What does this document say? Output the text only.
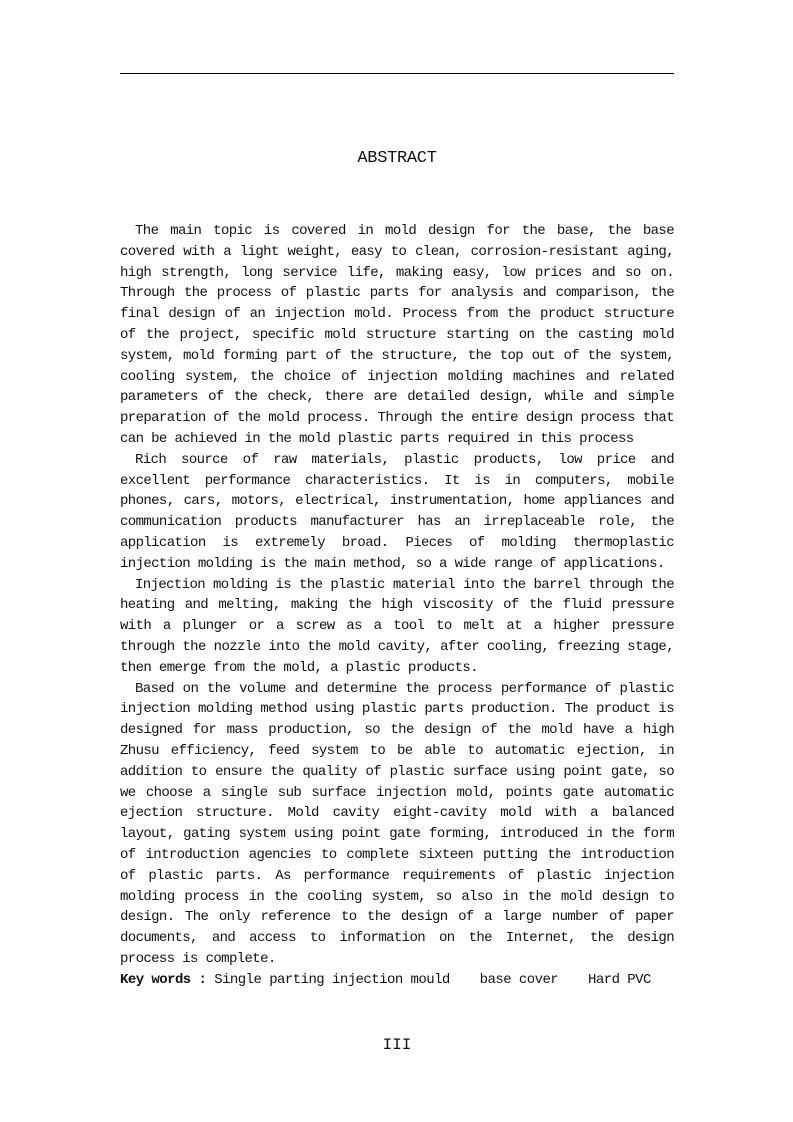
ABSTRACT

The main topic is covered in mold design for the base, the base covered with a light weight, easy to clean, corrosion-resistant aging, high strength, long service life, making easy, low prices and so on. Through the process of plastic parts for analysis and comparison, the final design of an injection mold. Process from the product structure of the project, specific mold structure starting on the casting mold system, mold forming part of the structure, the top out of the system, cooling system, the choice of injection molding machines and related parameters of the check, there are detailed design, while and simple preparation of the mold process. Through the entire design process that can be achieved in the mold plastic parts required in this process

Rich source of raw materials, plastic products, low price and excellent performance characteristics. It is in computers, mobile phones, cars, motors, electrical, instrumentation, home appliances and communication products manufacturer has an irreplaceable role, the application is extremely broad. Pieces of molding thermoplastic injection molding is the main method, so a wide range of applications.

Injection molding is the plastic material into the barrel through the heating and melting, making the high viscosity of the fluid pressure with a plunger or a screw as a tool to melt at a higher pressure through the nozzle into the mold cavity, after cooling, freezing stage, then emerge from the mold, a plastic products.

Based on the volume and determine the process performance of plastic injection molding method using plastic parts production. The product is designed for mass production, so the design of the mold have a high Zhusu efficiency, feed system to be able to automatic ejection, in addition to ensure the quality of plastic surface using point gate, so we choose a single sub surface injection mold, points gate automatic ejection structure. Mold cavity eight-cavity mold with a balanced layout, gating system using point gate forming, introduced in the form of introduction agencies to complete sixteen putting the introduction of plastic parts. As performance requirements of plastic injection molding process in the cooling system, so also in the mold design to design. The only reference to the design of a large number of paper documents, and access to information on the Internet, the design process is complete.

Key words : Single parting injection mould base cover Hard PVC
III
